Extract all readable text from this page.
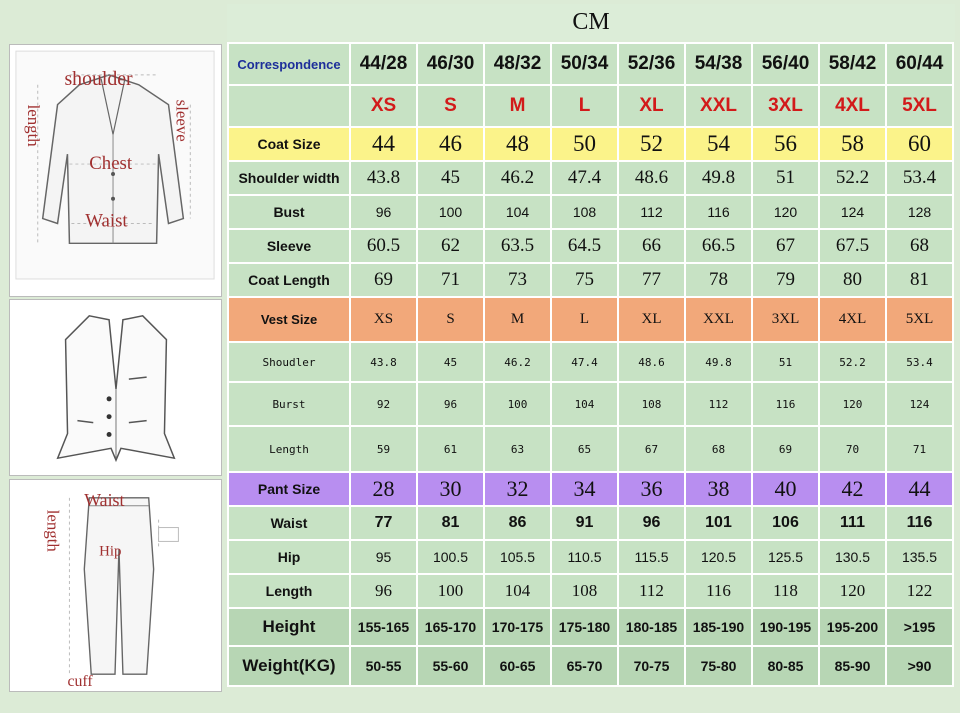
CM
shoulder
Chest
Waist
length	sleeve
Waist
Hip
cuff
length
Correspondence	44/28	46/30	48/32	50/34	52/36	54/38	56/40	58/42	60/44
	XS	S	M	L	XL	XXL	3XL	4XL	5XL
Coat Size	44	46	48	50	52	54	56	58	60
Shoulder width	43.8	45	46.2	47.4	48.6	49.8	51	52.2	53.4
Bust	96	100	104	108	112	116	120	124	128
Sleeve	60.5	62	63.5	64.5	66	66.5	67	67.5	68
Coat Length	69	71	73	75	77	78	79	80	81
Vest Size	XS	S	M	L	XL	XXL	3XL	4XL	5XL
Shoudler	43.8	45	46.2	47.4	48.6	49.8	51	52.2	53.4
Burst	92	96	100	104	108	112	116	120	124
Length	59	61	63	65	67	68	69	70	71
Pant Size	28	30	32	34	36	38	40	42	44
Waist	77	81	86	91	96	101	106	111	116
Hip	95	100.5	105.5	110.5	115.5	120.5	125.5	130.5	135.5
Length	96	100	104	108	112	116	118	120	122
Height	155-165	165-170	170-175	175-180	180-185	185-190	190-195	195-200	>195
Weight(KG)	50-55	55-60	60-65	65-70	70-75	75-80	80-85	85-90	>90
